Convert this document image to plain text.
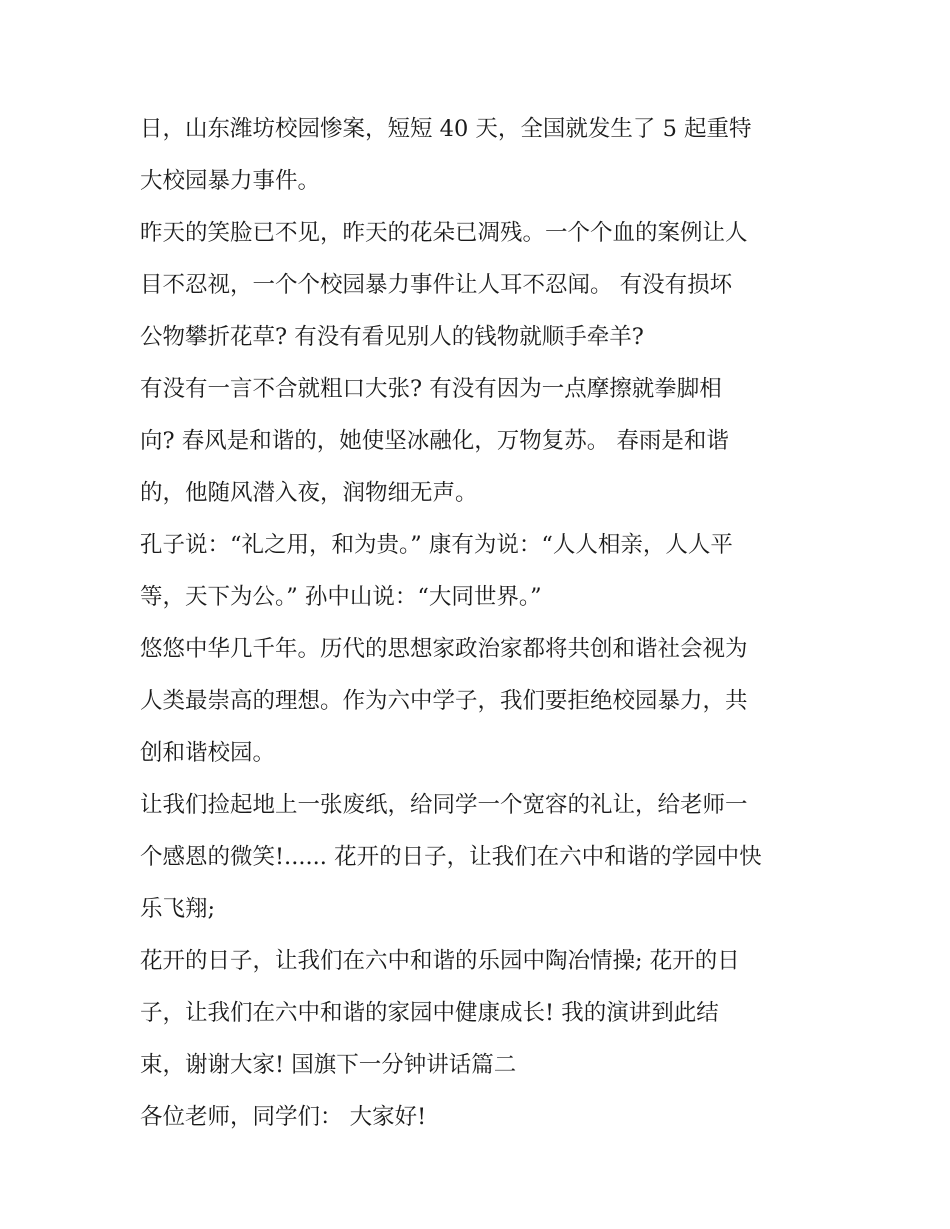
日，山东潍坊校园惨案，短短 40 天，全国就发生了 5 起重特
大校园暴力事件。
昨天的笑脸已不见，昨天的花朵已凋残。一个个血的案例让人
目不忍视，一个个校园暴力事件让人耳不忍闻。 有没有损坏
公物攀折花草? 有没有看见别人的钱物就顺手牵羊?
有没有一言不合就粗口大张? 有没有因为一点摩擦就拳脚相
向? 春风是和谐的，她使坚冰融化，万物复苏。 春雨是和谐
的，他随风潜入夜，润物细无声。
孔子说：“礼之用，和为贵。” 康有为说：“人人相亲，人人平
等，天下为公。” 孙中山说：“大同世界。”
悠悠中华几千年。历代的思想家政治家都将共创和谐社会视为
人类最崇高的理想。作为六中学子，我们要拒绝校园暴力，共
创和谐校园。
让我们捡起地上一张废纸，给同学一个宽容的礼让，给老师一
个感恩的微笑!...... 花开的日子，让我们在六中和谐的学园中快
乐飞翔;
花开的日子，让我们在六中和谐的乐园中陶冶情操; 花开的日
子，让我们在六中和谐的家园中健康成长! 我的演讲到此结
束，谢谢大家! 国旗下一分钟讲话篇二
各位老师，同学们： 大家好!
